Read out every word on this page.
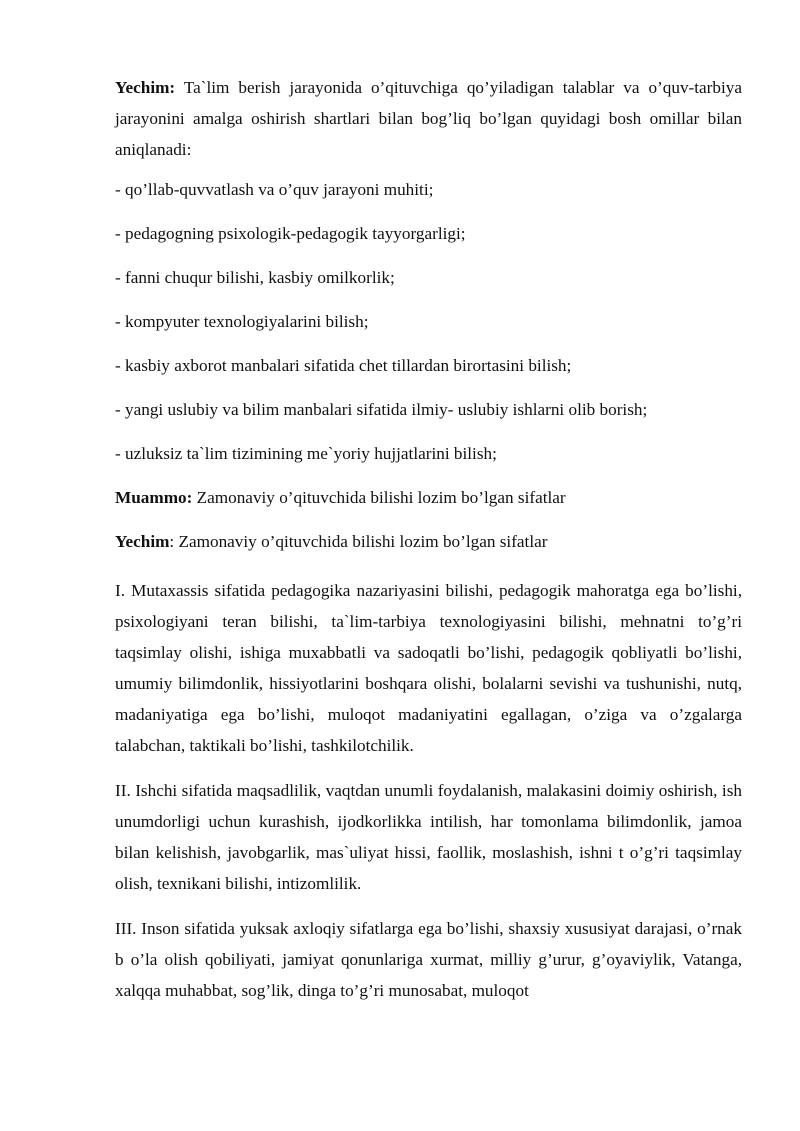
Yechim: Ta`lim berish jarayonida o’qituvchiga qo’yiladigan talablar va o’quv-tarbiya jarayonini amalga oshirish shartlari bilan bog’liq bo’lgan quyidagi bosh omillar bilan aniqlanadi:

- qo’llab-quvvatlash va o’quv jarayoni muhiti;

- pedagogning psixologik-pedagogik tayyorgarligi;

- fanni chuqur bilishi, kasbiy omilkorlik;

- kompyuter texnologiyalarini bilish;

- kasbiy axborot manbalari sifatida chet tillardan birortasini bilish;

- yangi uslubiy va bilim manbalari sifatida ilmiy- uslubiy ishlarni olib borish;

- uzluksiz ta`lim tizimining me`yoriy hujjatlarini bilish;

Muammo: Zamonaviy o’qituvchida bilishi lozim bo’lgan sifatlar

Yechim: Zamonaviy o’qituvchida bilishi lozim bo’lgan sifatlar

I. Mutaxassis sifatida pedagogika nazariyasini bilishi, pedagogik mahoratga ega bo’lishi, psixologiyani teran bilishi, ta`lim-tarbiya texnologiyasini bilishi, mehnatni to’g’ri taqsimlay olishi, ishiga muxabbatli va sadoqatli bo’lishi, pedagogik qobliyatli bo’lishi, umumiy bilimdonlik, hissiyotlarini boshqara olishi, bolalarni sevishi va tushunishi, nutq, madaniyatiga ega bo’lishi, muloqot madaniyatini egallagan, o’ziga va o’zgalarga talabchan, taktikali bo’lishi, tashkilotchilik.

II. Ishchi sifatida maqsadlilik, vaqtdan unumli foydalanish, malakasini doimiy oshirish, ish unumdorligi uchun kurashish, ijodkorlikka intilish, har tomonlama bilimdonlik, jamoa bilan kelishish, javobgarlik, mas`uliyat hissi, faollik, moslashish, ishni t o’g’ri taqsimlay olish, texnikani bilishi, intizomlilik.

III. Inson sifatida yuksak axloqiy sifatlarga ega bo’lishi, shaxsiy xususiyat darajasi, o’rnak b o’la olish qobiliyati, jamiyat qonunlariga xurmat, milliy g’urur, g’oyaviylik, Vatanga, xalqqa muhabbat, sog’lik, dinga to’g’ri munosabat, muloqot
